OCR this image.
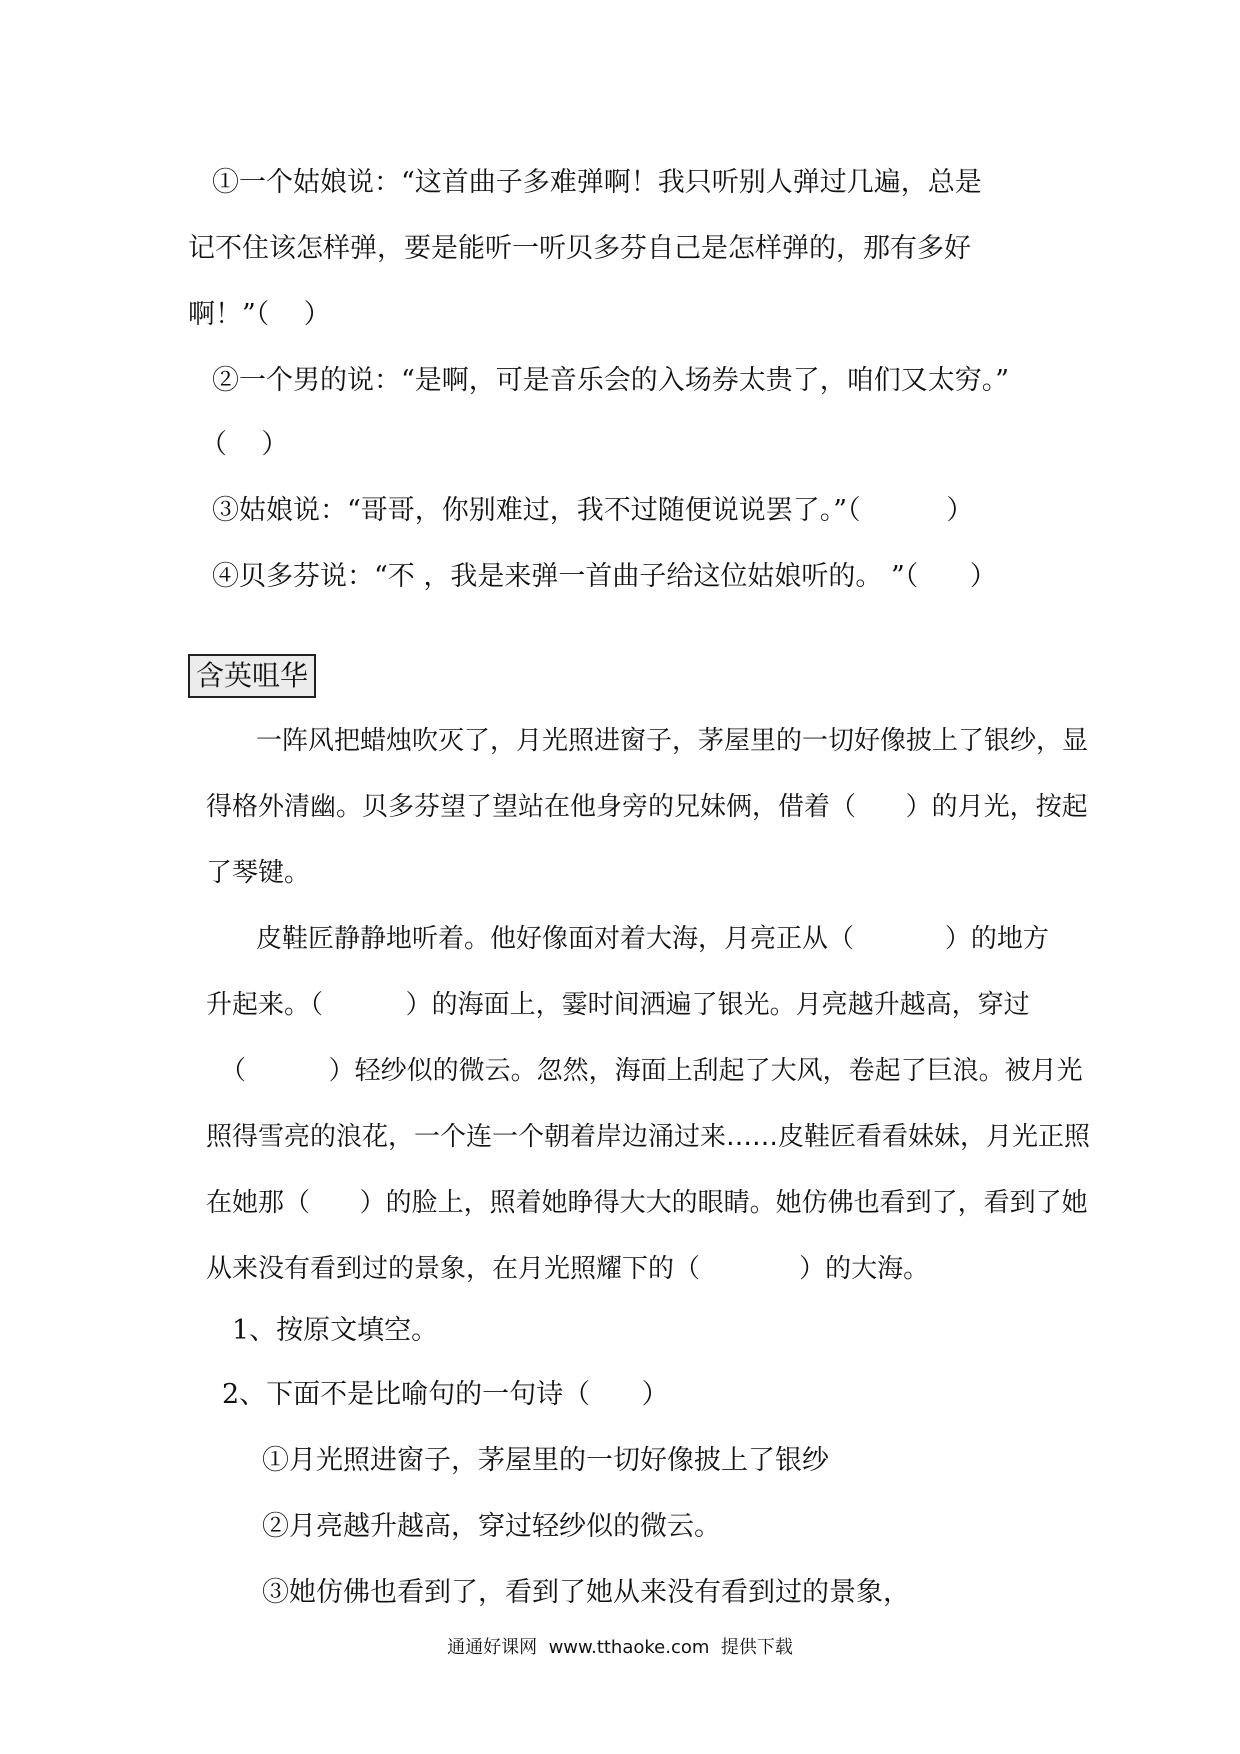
①一个姑娘说：“这首曲子多难弹啊！我只听别人弹过几遍，总是
记不住该怎样弹，要是能听一听贝多芬自己是怎样弹的，那有多好
啊！”（    ）
②一个男的说：“是啊，可是音乐会的入场券太贵了，咱们又太穷。”
（    ）
③姑娘说：“哥哥，你别难过，我不过随便说说罢了。”（          ）
④贝多芬说：“不 ，我是来弹一首曲子给这位姑娘听的。 ”（      ）
含英咀华
一阵风把蜡烛吹灭了，月光照进窗子，茅屋里的一切好像披上了银纱，显
得格外清幽。贝多芬望了望站在他身旁的兄妹俩，借着（      ）的月光，按起
了琴键。
皮鞋匠静静地听着。他好像面对着大海，月亮正从（           ）的地方
升起来。（          ）的海面上，霎时间洒遍了银光。月亮越升越高，穿过
（          ）轻纱似的微云。忽然，海面上刮起了大风，卷起了巨浪。被月光
照得雪亮的浪花，一个连一个朝着岸边涌过来……皮鞋匠看看妹妹，月光正照
在她那（      ）的脸上，照着她睁得大大的眼睛。她仿佛也看到了，看到了她
从来没有看到过的景象，在月光照耀下的（            ）的大海。
1、按原文填空。
2、下面不是比喻句的一句诗（      ）
①月光照进窗子，茅屋里的一切好像披上了银纱
②月亮越升越高，穿过轻纱似的微云。
③她仿佛也看到了，看到了她从来没有看到过的景象，
通通好课网  www.tthaoke.com  提供下载
